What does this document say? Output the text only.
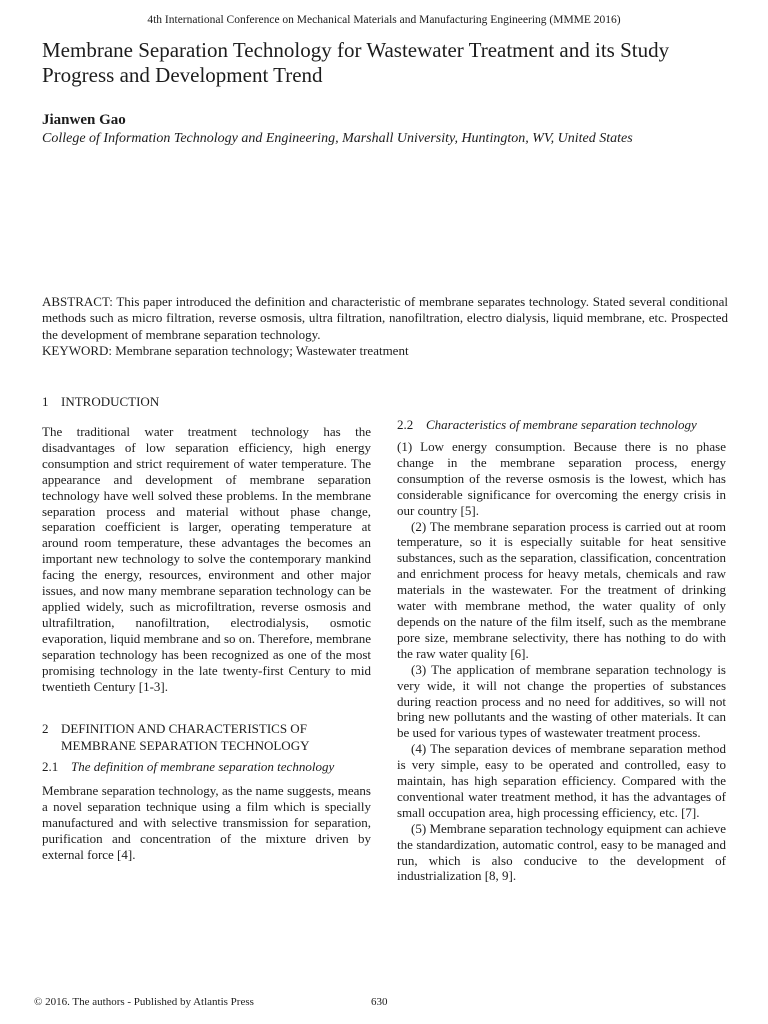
4th International Conference on Mechanical Materials and Manufacturing Engineering (MMME 2016)
Membrane Separation Technology for Wastewater Treatment and its Study Progress and Development Trend
Jianwen Gao
College of Information Technology and Engineering, Marshall University, Huntington, WV, United States

ABSTRACT: This paper introduced the definition and characteristic of membrane separates technology. Stated several conditional methods such as micro filtration, reverse osmosis, ultra filtration, nanofiltration, electro dialysis, liquid membrane, etc. Prospected the development of membrane separation technology.

KEYWORD: Membrane separation technology; Wastewater treatment

1 INTRODUCTION

The traditional water treatment technology has the disadvantages of low separation efficiency, high energy consumption and strict requirement of water temperature. The appearance and development of membrane separation technology have well solved these problems. In the membrane separation process and material without phase change, separation coefficient is larger, operating temperature at around room temperature, these advantages the becomes an important new technology to solve the contemporary mankind facing the energy, resources, environment and other major issues, and now many membrane separation technology can be applied widely, such as microfiltration, reverse osmosis and ultrafiltration, nanofiltration, electrodialysis, osmotic evaporation, liquid membrane and so on. Therefore, membrane separation technology has been recognized as one of the most promising technology in the late twenty-first Century to mid twentieth Century [1-3].

2 DEFINITION AND CHARACTERISTICS OF MEMBRANE SEPARATION TECHNOLOGY
2.1 The definition of membrane separation technology

Membrane separation technology, as the name suggests, means a novel separation technique using a film which is specially manufactured and with selective transmission for separation, purification and concentration of the mixture driven by external force [4].

2.2 Characteristics of membrane separation technology

(1) Low energy consumption. Because there is no phase change in the membrane separation process, energy consumption of the reverse osmosis is the lowest, which has considerable significance for overcoming the energy crisis in our country [5].

(2) The membrane separation process is carried out at room temperature, so it is especially suitable for heat sensitive substances, such as the separation, classification, concentration and enrichment process for heavy metals, chemicals and raw materials in the wastewater. For the treatment of drinking water with membrane method, the water quality of only depends on the nature of the film itself, such as the membrane pore size, membrane selectivity, there has nothing to do with the raw water quality [6].

(3) The application of membrane separation technology is very wide, it will not change the properties of substances during reaction process and no need for additives, so will not bring new pollutants and the wasting of other materials. It can be used for various types of wastewater treatment process.

(4) The separation devices of membrane separation method is very simple, easy to be operated and controlled, easy to maintain, has high separation efficiency. Compared with the conventional water treatment method, it has the advantages of small occupation area, high processing efficiency, etc. [7].

(5) Membrane separation technology equipment can achieve the standardization, automatic control, easy to be managed and run, which is also conducive to the development of industrialization [8, 9].

© 2016. The authors - Published by Atlantis Press	630
